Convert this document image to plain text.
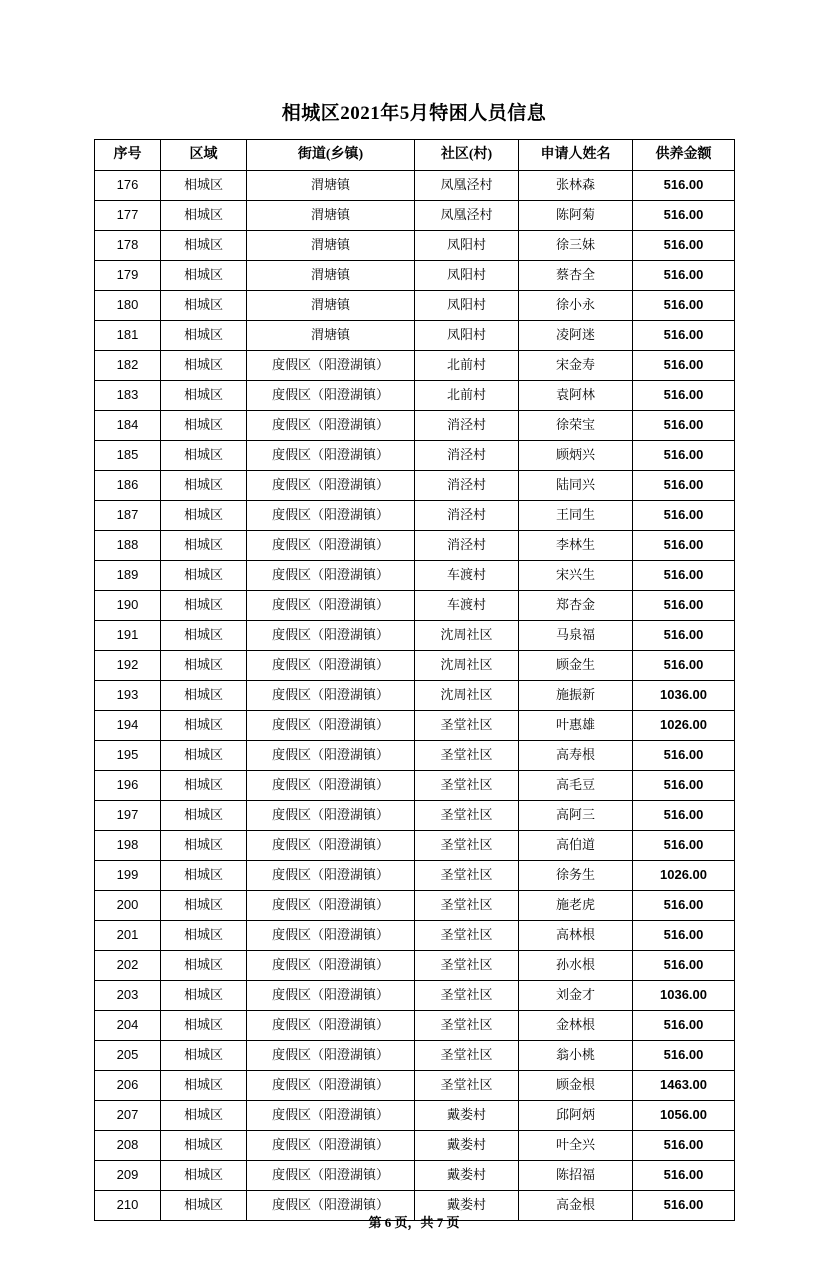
相城区2021年5月特困人员信息
序号	区域	街道(乡镇)	社区(村)	申请人姓名	供养金额
176	相城区	渭塘镇	凤凰泾村	张林森	516.00
177	相城区	渭塘镇	凤凰泾村	陈阿菊	516.00
178	相城区	渭塘镇	凤阳村	徐三妹	516.00
179	相城区	渭塘镇	凤阳村	蔡杏全	516.00
180	相城区	渭塘镇	凤阳村	徐小永	516.00
181	相城区	渭塘镇	凤阳村	凌阿迷	516.00
182	相城区	度假区（阳澄湖镇）	北前村	宋金寿	516.00
183	相城区	度假区（阳澄湖镇）	北前村	袁阿林	516.00
184	相城区	度假区（阳澄湖镇）	消泾村	徐荣宝	516.00
185	相城区	度假区（阳澄湖镇）	消泾村	顾炳兴	516.00
186	相城区	度假区（阳澄湖镇）	消泾村	陆同兴	516.00
187	相城区	度假区（阳澄湖镇）	消泾村	王同生	516.00
188	相城区	度假区（阳澄湖镇）	消泾村	李林生	516.00
189	相城区	度假区（阳澄湖镇）	车渡村	宋兴生	516.00
190	相城区	度假区（阳澄湖镇）	车渡村	郑杏金	516.00
191	相城区	度假区（阳澄湖镇）	沈周社区	马泉福	516.00
192	相城区	度假区（阳澄湖镇）	沈周社区	顾金生	516.00
193	相城区	度假区（阳澄湖镇）	沈周社区	施振新	1036.00
194	相城区	度假区（阳澄湖镇）	圣堂社区	叶惠雄	1026.00
195	相城区	度假区（阳澄湖镇）	圣堂社区	高寿根	516.00
196	相城区	度假区（阳澄湖镇）	圣堂社区	高毛豆	516.00
197	相城区	度假区（阳澄湖镇）	圣堂社区	高阿三	516.00
198	相城区	度假区（阳澄湖镇）	圣堂社区	高伯道	516.00
199	相城区	度假区（阳澄湖镇）	圣堂社区	徐务生	1026.00
200	相城区	度假区（阳澄湖镇）	圣堂社区	施老虎	516.00
201	相城区	度假区（阳澄湖镇）	圣堂社区	高林根	516.00
202	相城区	度假区（阳澄湖镇）	圣堂社区	孙水根	516.00
203	相城区	度假区（阳澄湖镇）	圣堂社区	刘金才	1036.00
204	相城区	度假区（阳澄湖镇）	圣堂社区	金林根	516.00
205	相城区	度假区（阳澄湖镇）	圣堂社区	翁小桃	516.00
206	相城区	度假区（阳澄湖镇）	圣堂社区	顾金根	1463.00
207	相城区	度假区（阳澄湖镇）	戴娄村	邱阿炳	1056.00
208	相城区	度假区（阳澄湖镇）	戴娄村	叶全兴	516.00
209	相城区	度假区（阳澄湖镇）	戴娄村	陈招福	516.00
210	相城区	度假区（阳澄湖镇）	戴娄村	高金根	516.00
第 6 页，共 7 页
